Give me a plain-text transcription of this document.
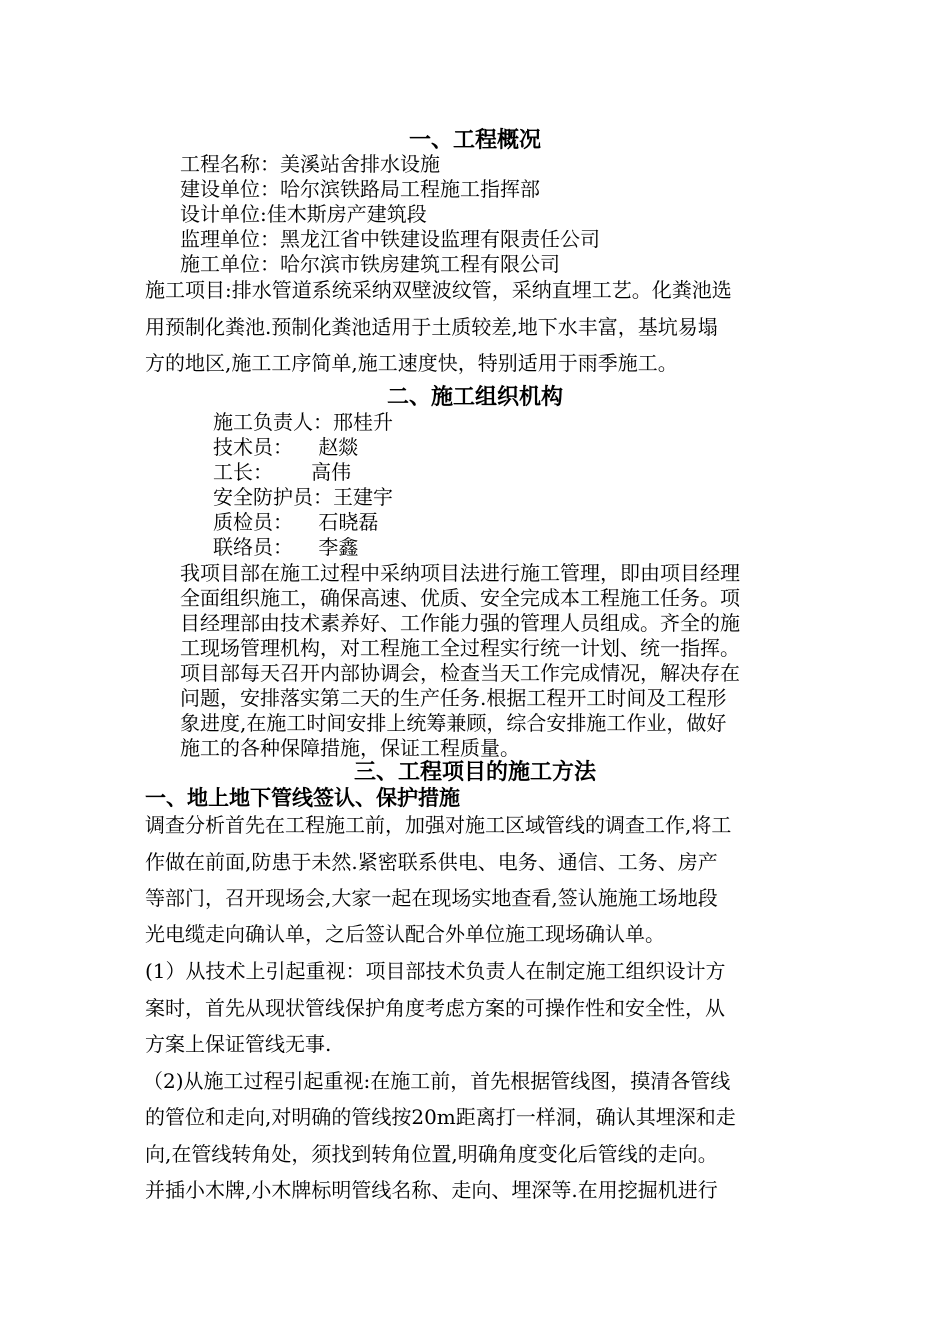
一、工程概况
工程名称：美溪站舍排水设施
建设单位：哈尔滨铁路局工程施工指挥部
设计单位:佳木斯房产建筑段
监理单位：黑龙江省中铁建设监理有限责任公司
施工单位：哈尔滨市铁房建筑工程有限公司
施工项目:排水管道系统采纳双壁波纹管，采纳直埋工艺。化粪池选
用预制化粪池.预制化粪池适用于土质较差,地下水丰富，基坑易塌
方的地区,施工工序简单,施工速度快，特别适用于雨季施工。
二、施工组织机构
施工负责人：邢桂升
技术员：    赵燚
工长：      高伟
安全防护员：王建宇
质检员：    石晓磊
联络员：    李鑫
我项目部在施工过程中采纳项目法进行施工管理，即由项目经理
全面组织施工，确保高速、优质、安全完成本工程施工任务。项
目经理部由技术素养好、工作能力强的管理人员组成。齐全的施
工现场管理机构，对工程施工全过程实行统一计划、统一指挥。
项目部每天召开内部协调会，检查当天工作完成情况，解决存在
问题，安排落实第二天的生产任务.根据工程开工时间及工程形
象进度,在施工时间安排上统筹兼顾，综合安排施工作业，做好
施工的各种保障措施，保证工程质量。
三、工程项目的施工方法
一、地上地下管线签认、保护措施
调查分析首先在工程施工前，加强对施工区域管线的调查工作,将工
作做在前面,防患于未然.紧密联系供电、电务、通信、工务、房产
等部门，召开现场会,大家一起在现场实地查看,签认施施工场地段
光电缆走向确认单，之后签认配合外单位施工现场确认单。
(1）从技术上引起重视：项目部技术负责人在制定施工组织设计方
案时，首先从现状管线保护角度考虑方案的可操作性和安全性，从
方案上保证管线无事.
（2)从施工过程引起重视:在施工前，首先根据管线图，摸清各管线
的管位和走向,对明确的管线按20m距离打一样洞，确认其埋深和走
向,在管线转角处，须找到转角位置,明确角度变化后管线的走向。
并插小木牌,小木牌标明管线名称、走向、埋深等.在用挖掘机进行
